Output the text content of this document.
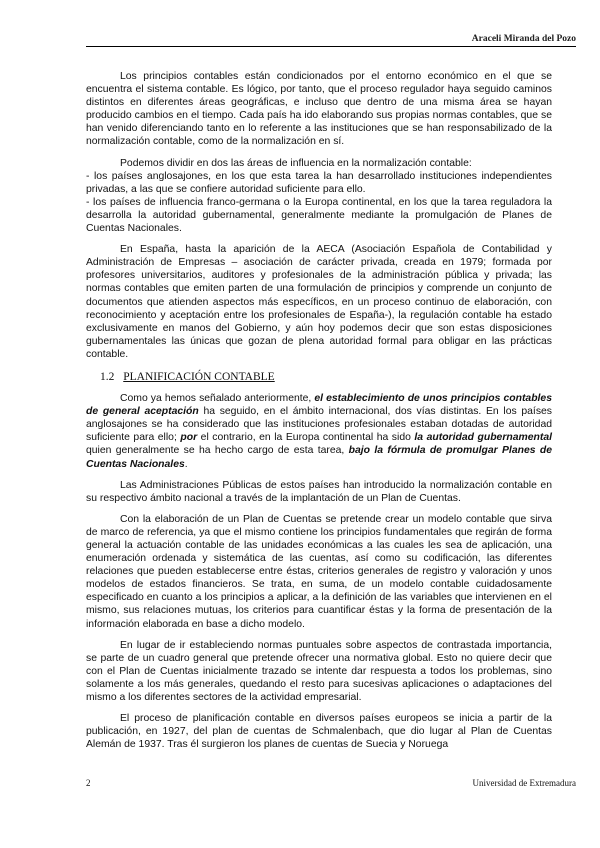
Araceli Miranda del Pozo

Los principios contables están condicionados por el entorno económico en el que se encuentra el sistema contable. Es lógico, por tanto, que el proceso regulador haya seguido caminos distintos en diferentes áreas geográficas, e incluso que dentro de una misma área se hayan producido cambios en el tiempo. Cada país ha ido elaborando sus propias normas contables, que se han venido diferenciando tanto en lo referente a las instituciones que se han responsabilizado de la normalización contable, como de la normalización en sí.

Podemos dividir en dos las áreas de influencia en la normalización contable:

- los países anglosajones, en los que esta tarea la han desarrollado instituciones independientes privadas, a las que se confiere autoridad suficiente para ello.

- los países de influencia franco-germana o la Europa continental, en los que la tarea reguladora la desarrolla la autoridad gubernamental, generalmente mediante la promulgación de Planes de Cuentas Nacionales.

En España, hasta la aparición de la AECA (Asociación Española de Contabilidad y Administración de Empresas – asociación de carácter privada, creada en 1979; formada por profesores universitarios, auditores y profesionales de la administración pública y privada; las normas contables que emiten parten de una formulación de principios y comprende un conjunto de documentos que atienden aspectos más específicos, en un proceso continuo de elaboración, con reconocimiento y aceptación entre los profesionales de España-), la regulación contable ha estado exclusivamente en manos del Gobierno, y aún hoy podemos decir que son estas disposiciones gubernamentales las únicas que gozan de plena autoridad formal para obligar en las prácticas contable.

1.2 PLANIFICACIÓN CONTABLE

Como ya hemos señalado anteriormente, el establecimiento de unos principios contables de general aceptación ha seguido, en el ámbito internacional, dos vías distintas. En los países anglosajones se ha considerado que las instituciones profesionales estaban dotadas de autoridad suficiente para ello; por el contrario, en la Europa continental ha sido la autoridad gubernamental quien generalmente se ha hecho cargo de esta tarea, bajo la fórmula de promulgar Planes de Cuentas Nacionales.

Las Administraciones Públicas de estos países han introducido la normalización contable en su respectivo ámbito nacional a través de la implantación de un Plan de Cuentas.

Con la elaboración de un Plan de Cuentas se pretende crear un modelo contable que sirva de marco de referencia, ya que el mismo contiene los principios fundamentales que regirán de forma general la actuación contable de las unidades económicas a las cuales les sea de aplicación, una enumeración ordenada y sistemática de las cuentas, así como su codificación, las diferentes relaciones que pueden establecerse entre éstas, criterios generales de registro y valoración y unos modelos de estados financieros. Se trata, en suma, de un modelo contable cuidadosamente especificado en cuanto a los principios a aplicar, a la definición de las variables que intervienen en el mismo, sus relaciones mutuas, los criterios para cuantificar éstas y la forma de presentación de la información elaborada en base a dicho modelo.

En lugar de ir estableciendo normas puntuales sobre aspectos de contrastada importancia, se parte de un cuadro general que pretende ofrecer una normativa global. Esto no quiere decir que con el Plan de Cuentas inicialmente trazado se intente dar respuesta a todos los problemas, sino solamente a los más generales, quedando el resto para sucesivas aplicaciones o adaptaciones del mismo a los diferentes sectores de la actividad empresarial.

El proceso de planificación contable en diversos países europeos se inicia a partir de la publicación, en 1927, del plan de cuentas de Schmalenbach, que dio lugar al Plan de Cuentas Alemán de 1937. Tras él surgieron los planes de cuentas de Suecia y Noruega

2	Universidad de Extremadura
